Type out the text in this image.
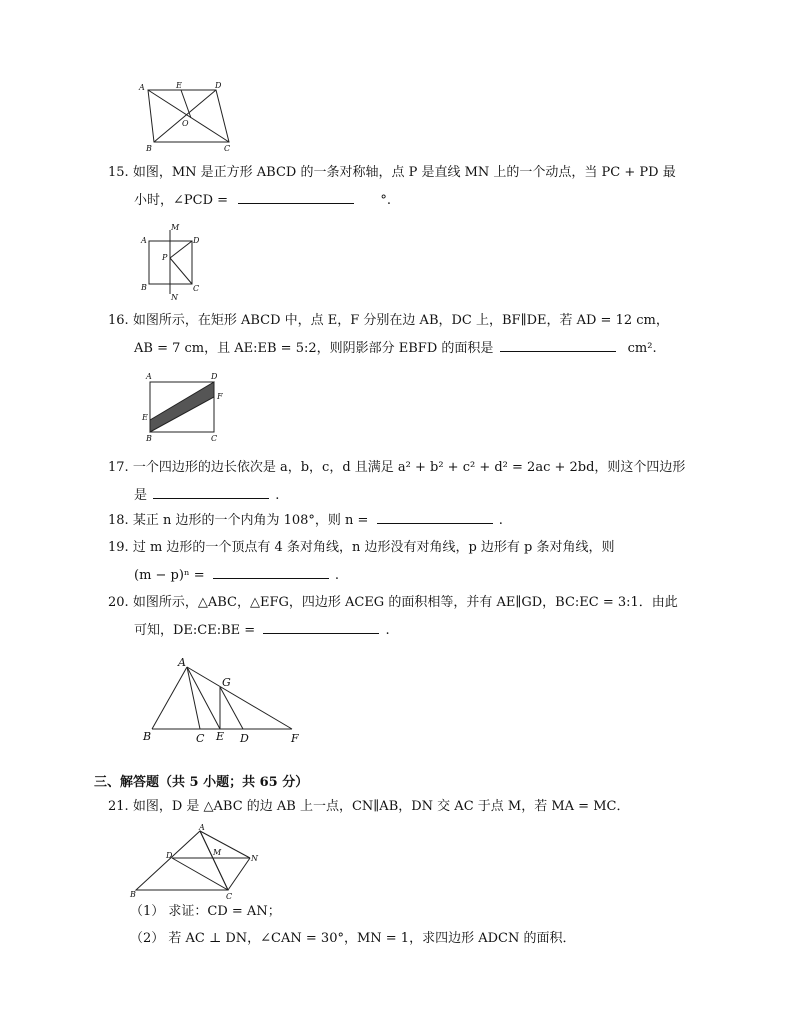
A	E	D
O
B	C
15. 如图，MN 是正方形 ABCD 的一条对称轴，点 P 是直线 MN 上的一个动点，当 PC + PD 最
小时，∠PCD =	°.
A
M
D
P
B
N
C
16. 如图所示，在矩形 ABCD 中，点 E，F 分别在边 AB，DC 上，BF∥DE，若 AD = 12 cm，
AB = 7 cm，且 AE:EB = 5:2，则阴影部分 EBFD 的面积是	cm².
A	D
F
E
B	C
17. 一个四边形的边长依次是 a，b，c，d 且满足 a² + b² + c² + d² = 2ac + 2bd，则这个四边形
是	.
18. 某正 n 边形的一个内角为 108°，则 n =	.
19. 过 m 边形的一个顶点有 4 条对角线，n 边形没有对角线，p 边形有 p 条对角线，则
(m − p)ⁿ =	.
20. 如图所示，△ABC，△EFG，四边形 ACEG 的面积相等，并有 AE∥GD，BC:EC = 3:1．由此
可知，DE:CE:BE =	.
A
G
B	C E D	F
三、解答题（共 5 小题；共 65 分）
21. 如图，D 是 △ABC 的边 AB 上一点，CN∥AB，DN 交 AC 于点 M，若 MA = MC．
A
D	M
N
B	C
（1） 求证：CD = AN；
（2） 若 AC ⊥ DN，∠CAN = 30°，MN = 1，求四边形 ADCN 的面积．
